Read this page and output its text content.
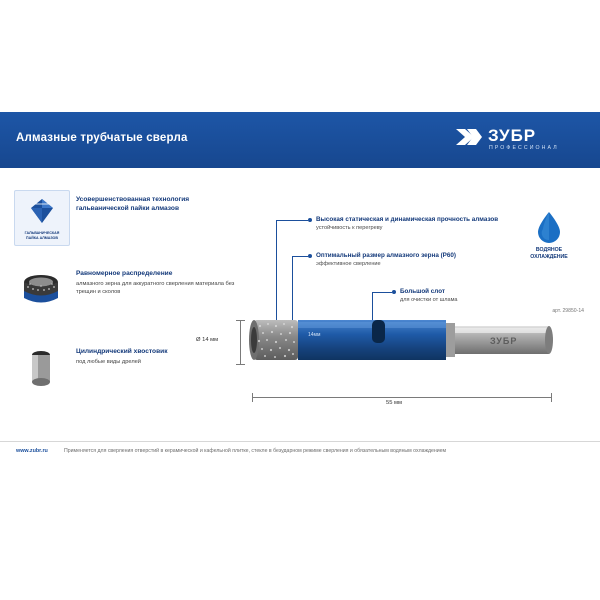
Алмазные трубчатые сверла	ЗУБР
ПРОФЕССИОНАЛ
ГАЛЬВАНИЧЕСКАЯ
ПАЙКА АЛМАЗОВ
Усовершенствованная технология гальванической пайки алмазов
Равномерное распределение
алмазного зерна для аккуратного сверления материала без трещин и сколов
Цилиндрический хвостовик
под любые виды дрелей
ВОДЯНОЕ
ОХЛАЖДЕНИЕ
Высокая статическая и динамическая прочность алмазов
устойчивость к перегреву
Оптимальный размер алмазного зерна (P60)
эффективное сверление
Большой слот
для очистки от шлама
арт. 29850-14
14мм
ЗУБР
Ø 14 мм
55 мм
www.zubr.ru	Применяется для сверления отверстий в керамической и кафельной плитке, стекле в безударном режиме сверления и обязательным водяным охлаждением
